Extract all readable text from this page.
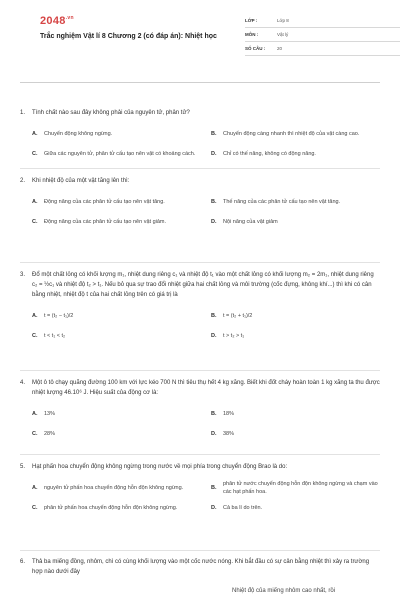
$2048^{.vn}$
Trắc nghiệm Vật lí 8 Chương 2 (có đáp án): Nhiệt học
LỚP :	Lớp 8
MÔN :	Vật lý
SỐ CÂU :	20
1.	Tính chất nào sau đây không phải của nguyên tử, phân tử?
A.	Chuyển động không ngừng.	B.	Chuyển động càng nhanh thì nhiệt độ của vật càng cao.
C.	Giữa các nguyên tử, phân tử cấu tạo nên vật có khoảng cách.	D.	Chỉ có thế năng, không có động năng.
2.	Khi nhiệt độ của một vật tăng lên thì:
A.	Động năng của các phân tử cấu tạo nên vật tăng.	B.	Thế năng của các phân tử cấu tạo nên vật tăng.
C.	Động năng của các phân tử cấu tạo nên vật giảm.	D.	Nội năng của vật giảm
3.	Đổ một chất lỏng có khối lượng m₁, nhiệt dung riêng c₁ và nhiệt độ t₁ vào một chất lỏng có khối lượng m₂ = 2m₁, nhiệt dung riêng c₂ = ½c₁ và nhiệt độ t₂ > t₁. Nếu bỏ qua sự trao đổi nhiệt giữa hai chất lỏng và môi trường (cốc đựng, không khí...) thì khi có cân bằng nhiệt, nhiệt độ t của hai chất lỏng trên có giá trị là
A.	t = (t₂ − t₁)/2	B.	t = (t₂ + t₁)/2
C.	t < t₁ < t₂	D.	t > t₂ > t₁
4.	Một ô tô chạy quãng đường 100 km với lực kéo 700 N thì tiêu thụ hết 4 kg xăng. Biết khi đốt cháy hoàn toàn 1 kg xăng ta thu được nhiệt lượng 46.10⁶ J. Hiệu suất của động cơ là:
A.	13%	B.	18%
C.	28%	D.	38%
5.	Hạt phấn hoa chuyển động không ngừng trong nước về mọi phía trong chuyển động Brao là do:
A.	nguyên tử phấn hoa chuyển động hỗn độn không ngừng.	B.
phân tử nước chuyển động hỗn độn không ngừng và chạm vào các hạt phấn hoa.
C.	phân tử phấn hoa chuyển động hỗn độn không ngừng.	D.	Cả ba lí do trên.
6.	Thả ba miếng đồng, nhôm, chì có cùng khối lượng vào một cốc nước nóng. Khi bắt đầu có sự cân bằng nhiệt thì xảy ra trường hợp nào dưới đây
Nhiệt độ của miếng nhôm cao nhất, rồi
